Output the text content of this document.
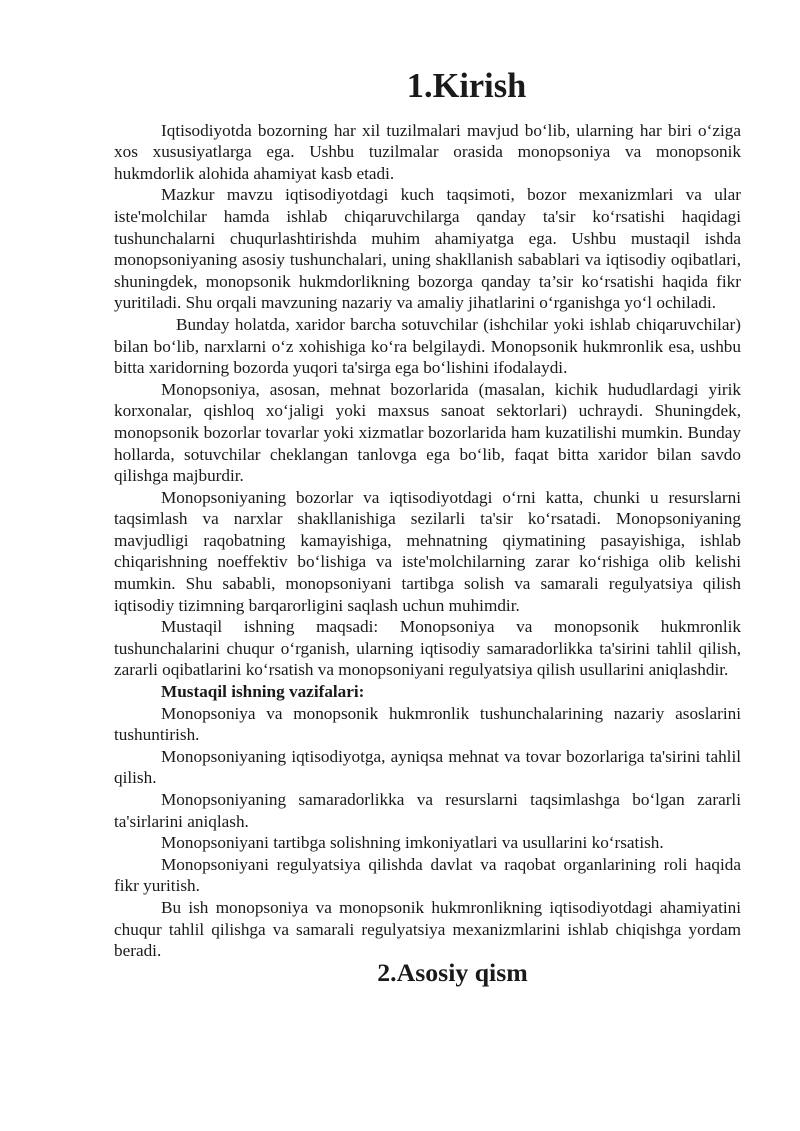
1.Kirish

Iqtisodiyotda bozorning har xil tuzilmalari mavjud bo‘lib, ularning har biri o‘ziga xos xususiyatlarga ega. Ushbu tuzilmalar orasida monopsoniya va monopsonik hukmdorlik alohida ahamiyat kasb etadi.

Mazkur mavzu iqtisodiyotdagi kuch taqsimoti, bozor mexanizmlari va ular iste'molchilar hamda ishlab chiqaruvchilarga qanday ta'sir ko‘rsatishi haqidagi tushunchalarni chuqurlashtirishda muhim ahamiyatga ega. Ushbu mustaqil ishda monopsoniyaning asosiy tushunchalari, uning shakllanish sabablari va iqtisodiy oqibatlari, shuningdek, monopsonik hukmdorlikning bozorga qanday ta’sir ko‘rsatishi haqida fikr yuritiladi. Shu orqali mavzuning nazariy va amaliy jihatlarini o‘rganishga yo‘l ochiladi.

Bunday holatda, xaridor barcha sotuvchilar (ishchilar yoki ishlab chiqaruvchilar) bilan bo‘lib, narxlarni o‘z xohishiga ko‘ra belgilaydi. Monopsonik hukmronlik esa, ushbu bitta xaridorning bozorda yuqori ta'sirga ega bo‘lishini ifodalaydi.

Monopsoniya, asosan, mehnat bozorlarida (masalan, kichik hududlardagi yirik korxonalar, qishloq xo‘jaligi yoki maxsus sanoat sektorlari) uchraydi. Shuningdek, monopsonik bozorlar tovarlar yoki xizmatlar bozorlarida ham kuzatilishi mumkin. Bunday hollarda, sotuvchilar cheklangan tanlovga ega bo‘lib, faqat bitta xaridor bilan savdo qilishga majburdir.

Monopsoniyaning bozorlar va iqtisodiyotdagi o‘rni katta, chunki u resurslarni taqsimlash va narxlar shakllanishiga sezilarli ta'sir ko‘rsatadi. Monopsoniyaning mavjudligi raqobatning kamayishiga, mehnatning qiymatining pasayishiga, ishlab chiqarishning noeffektiv bo‘lishiga va iste'molchilarning zarar ko‘rishiga olib kelishi mumkin. Shu sababli, monopsoniyani tartibga solish va samarali regulyatsiya qilish iqtisodiy tizimning barqarorligini saqlash uchun muhimdir.

Mustaqil ishning maqsadi: Monopsoniya va monopsonik hukmronlik tushunchalarini chuqur o‘rganish, ularning iqtisodiy samaradorlikka ta'sirini tahlil qilish, zararli oqibatlarini ko‘rsatish va monopsoniyani regulyatsiya qilish usullarini aniqlashdir.

Mustaqil ishning vazifalari:

Monopsoniya va monopsonik hukmronlik tushunchalarining nazariy asoslarini tushuntirish.

Monopsoniyaning iqtisodiyotga, ayniqsa mehnat va tovar bozorlariga ta'sirini tahlil qilish.

Monopsoniyaning samaradorlikka va resurslarni taqsimlashga bo‘lgan zararli ta'sirlarini aniqlash.

Monopsoniyani tartibga solishning imkoniyatlari va usullarini ko‘rsatish.

Monopsoniyani regulyatsiya qilishda davlat va raqobat organlarining roli haqida fikr yuritish.

Bu ish monopsoniya va monopsonik hukmronlikning iqtisodiyotdagi ahamiyatini chuqur tahlil qilishga va samarali regulyatsiya mexanizmlarini ishlab chiqishga yordam beradi.

2.Asosiy qism
